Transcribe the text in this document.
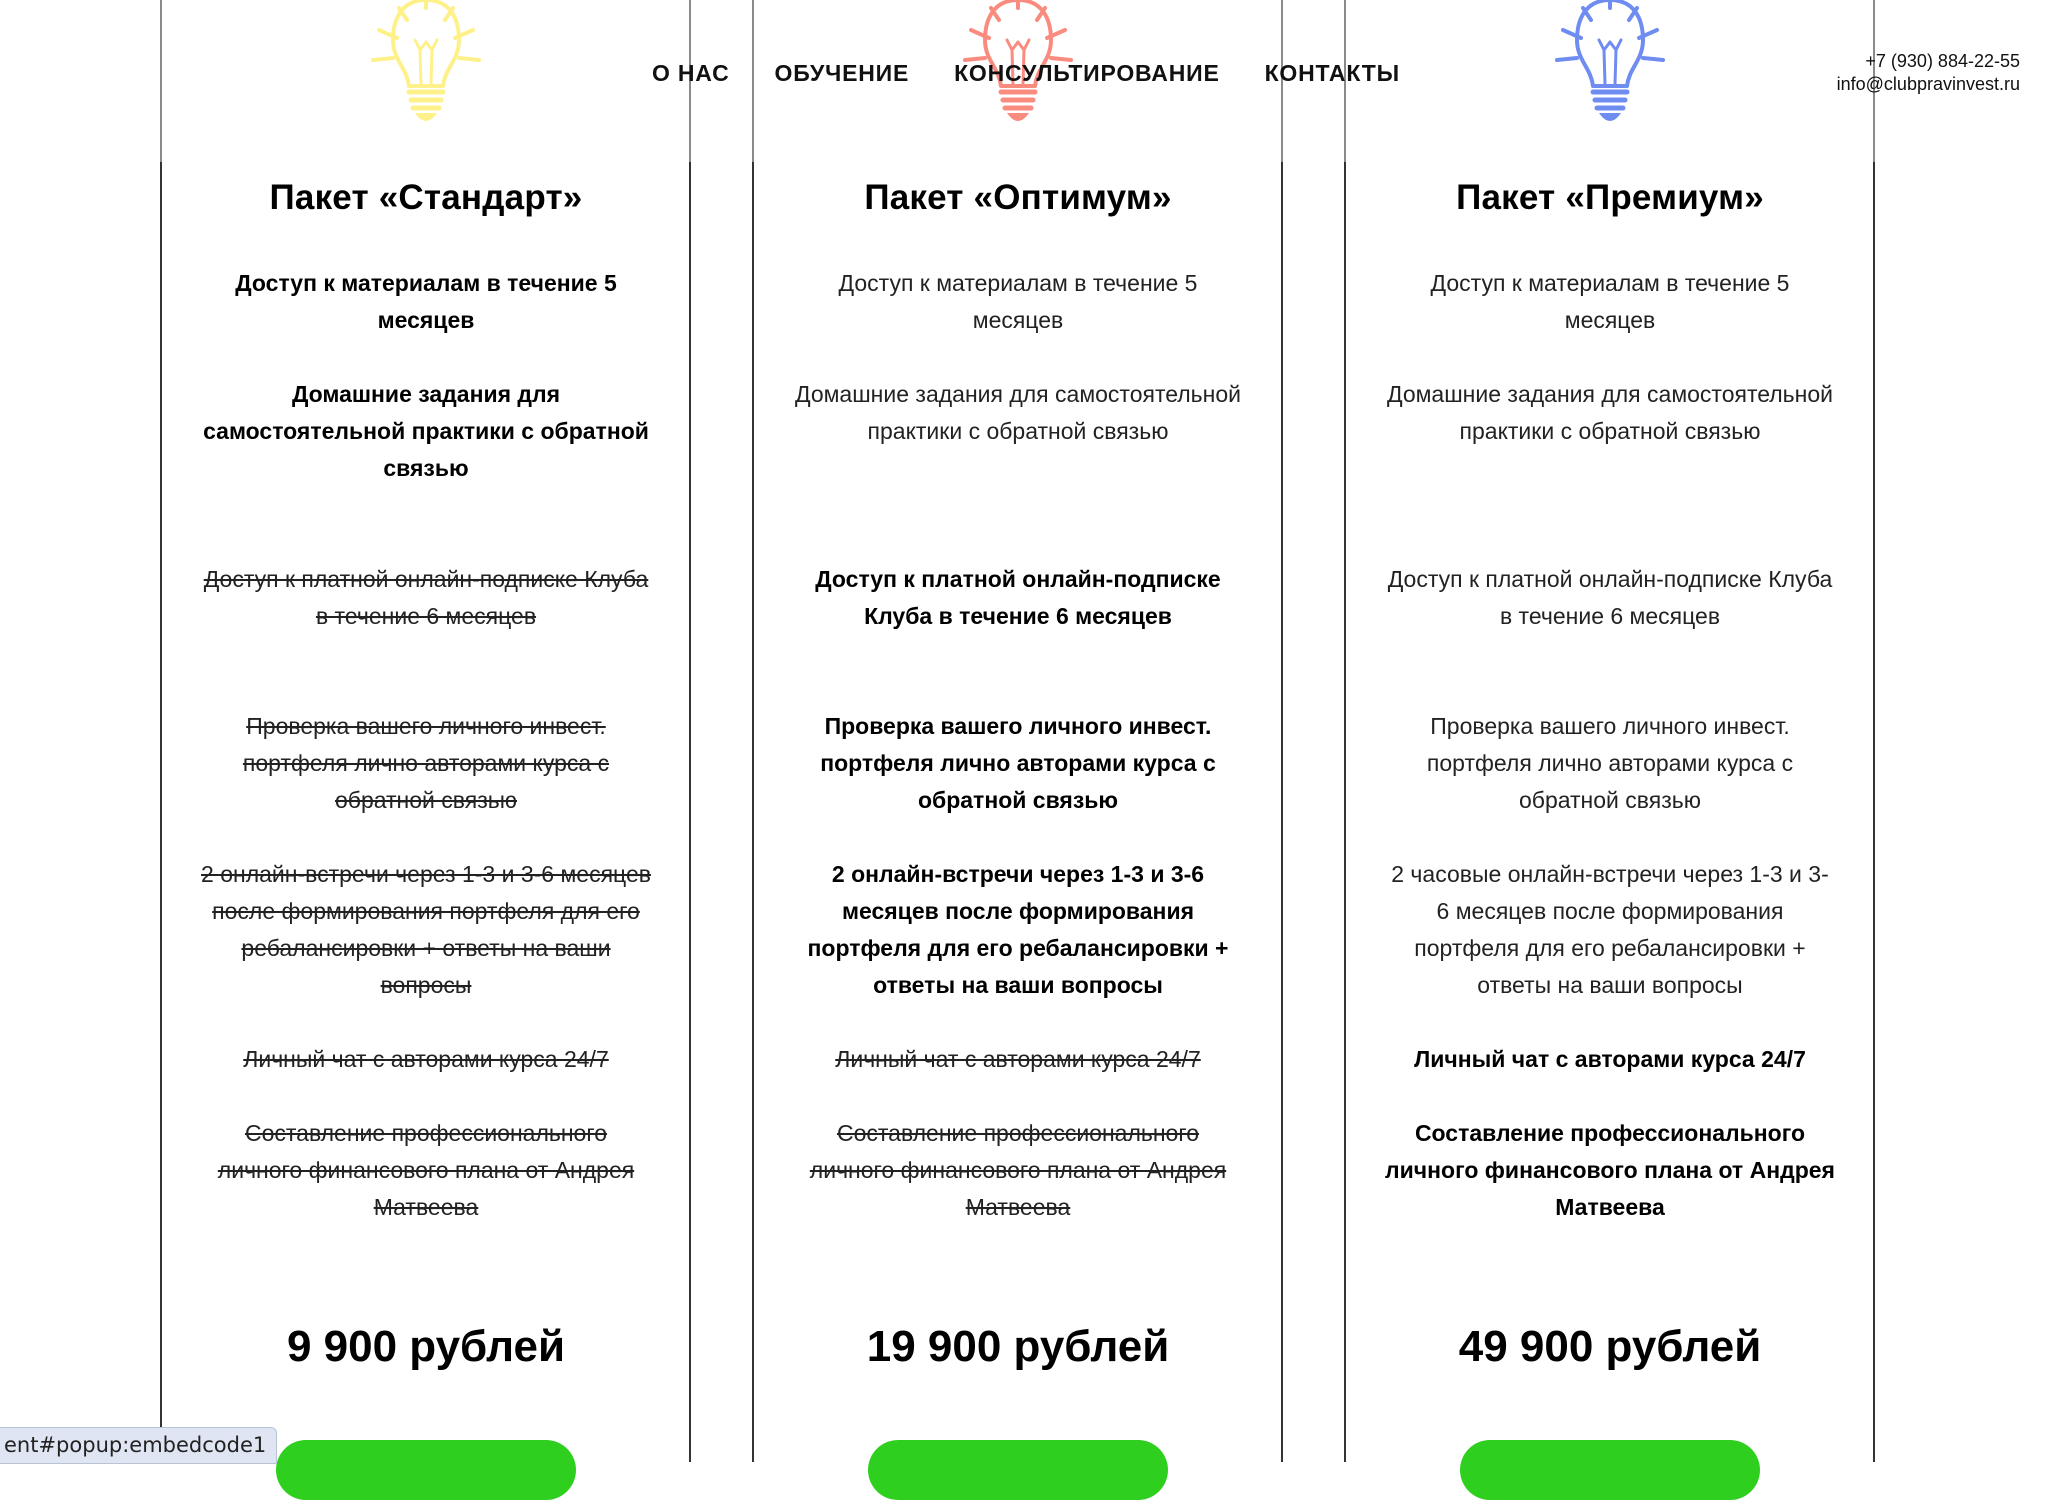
Пакет «Стандарт»
Доступ к материалам в течение 5 месяцев
Домашние задания для самостоятельной практики с обратной связью
Доступ к платной онлайн-подписке Клуба в течение 6 месяцев
Проверка вашего личного инвест. портфеля лично авторами курса с обратной связью
2 онлайн-встречи через 1-3 и 3-6 месяцев после формирования портфеля для его ребалансировки + ответы на ваши вопросы
Личный чат с авторами курса 24/7
Составление профессионального личного финансового плана от Андрея Матвеева
9 900 рублей
Пакет «Оптимум»
Доступ к материалам в течение 5 месяцев
Домашние задания для самостоятельной практики с обратной связью
Доступ к платной онлайн-подписке Клуба в течение 6 месяцев
Проверка вашего личного инвест. портфеля лично авторами курса с обратной связью
2 онлайн-встречи через 1-3 и 3-6 месяцев после формирования портфеля для его ребалансировки + ответы на ваши вопросы
Личный чат с авторами курса 24/7
Составление профессионального личного финансового плана от Андрея Матвеева
19 900 рублей
Пакет «Премиум»
Доступ к материалам в течение 5 месяцев
Домашние задания для самостоятельной практики с обратной связью
Доступ к платной онлайн-подписке Клуба в течение 6 месяцев
Проверка вашего личного инвест. портфеля лично авторами курса с обратной связью
2 часовые онлайн-встречи через 1-3 и 3-6 месяцев после формирования портфеля для его ребалансировки + ответы на ваши вопросы
Личный чат с авторами курса 24/7
Составление профессионального личного финансового плана от Андрея Матвеева
49 900 рублей
О НАС ОБУЧЕНИЕ КОНСУЛЬТИРОВАНИЕ КОНТАКТЫ	+7 (930) 884-22-55
info@clubpravinvest.ru
ent#popup:embedcode1
